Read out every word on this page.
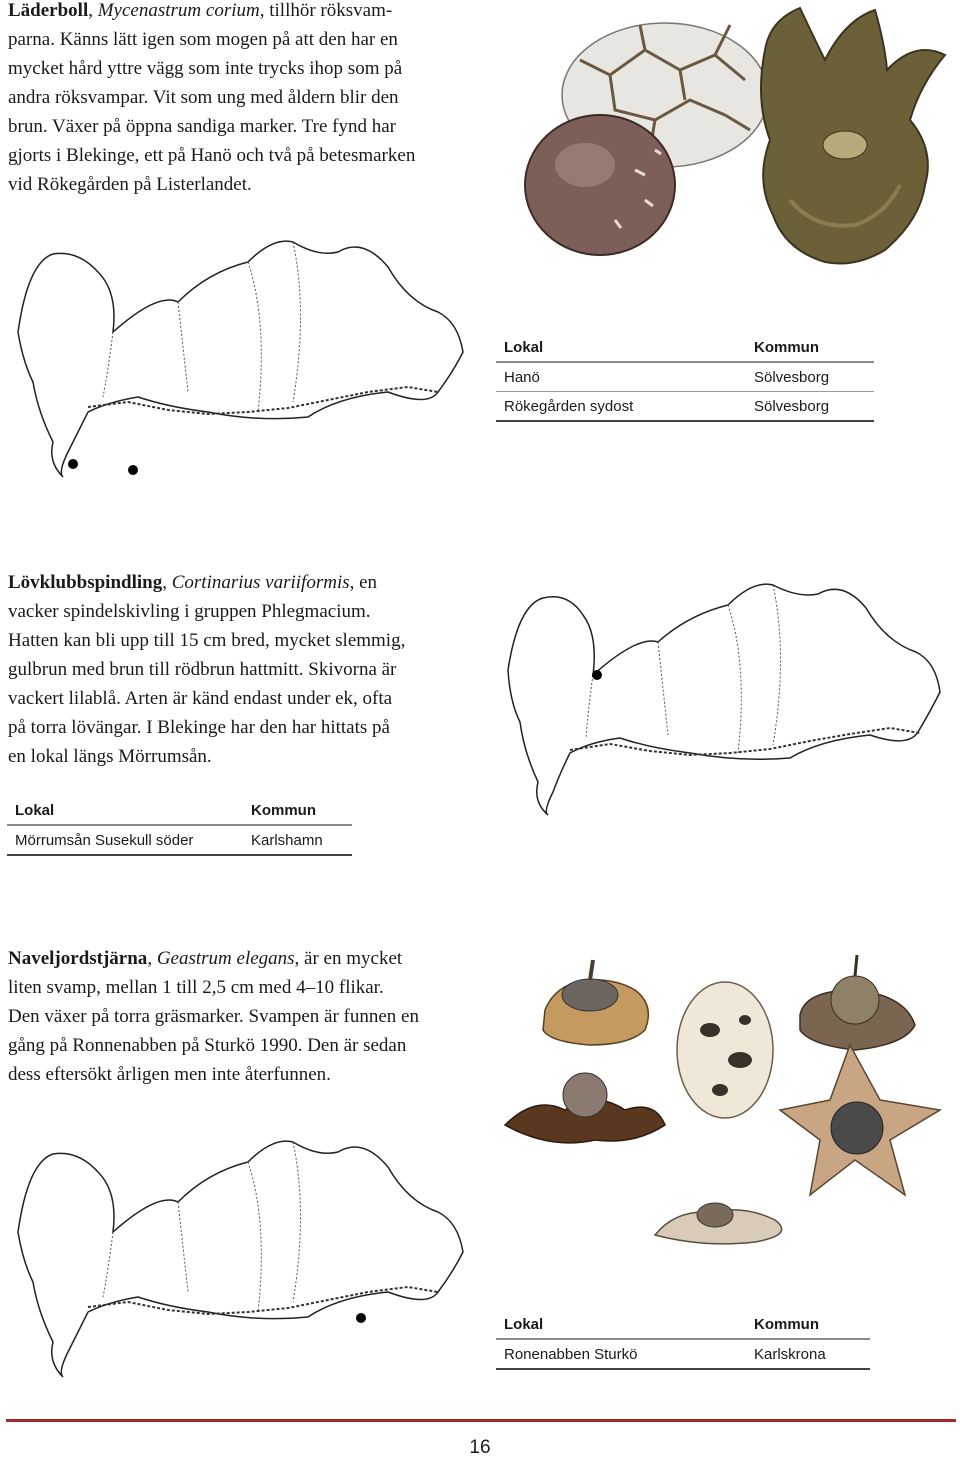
Läderboll, Mycenastrum corium, tillhör röksvam-
parna. Känns lätt igen som mogen på att den har en
mycket hård yttre vägg som inte trycks ihop som på
andra röksvampar. Vit som ung med åldern blir den
brun. Växer på öppna sandiga marker. Tre fynd har
gjorts i Blekinge, ett på Hanö och två på betesmarken
vid Rökegården på Listerlandet.
Lokal	Kommun
Hanö	Sölvesborg
Rökegården sydost	Sölvesborg
Lövklubbspindling, Cortinarius variiformis, en
vacker spindelskivling i gruppen Phlegmacium.
Hatten kan bli upp till 15 cm bred, mycket slemmig,
gulbrun med brun till rödbrun hattmitt. Skivorna är
vackert lilablå. Arten är känd endast under ek, ofta
på torra lövängar. I Blekinge har den har hittats på
en lokal längs Mörrumsån.
Lokal	Kommun
Mörrumsån Susekull söder	Karlshamn
Naveljordstjärna, Geastrum elegans, är en mycket
liten svamp, mellan 1 till 2,5 cm med 4–10 flikar.
Den växer på torra gräsmarker. Svampen är funnen en
gång på Ronnenabben på Sturkö 1990. Den är sedan
dess eftersökt årligen men inte återfunnen.
Lokal	Kommun
Ronenabben Sturkö	Karlskrona
16
